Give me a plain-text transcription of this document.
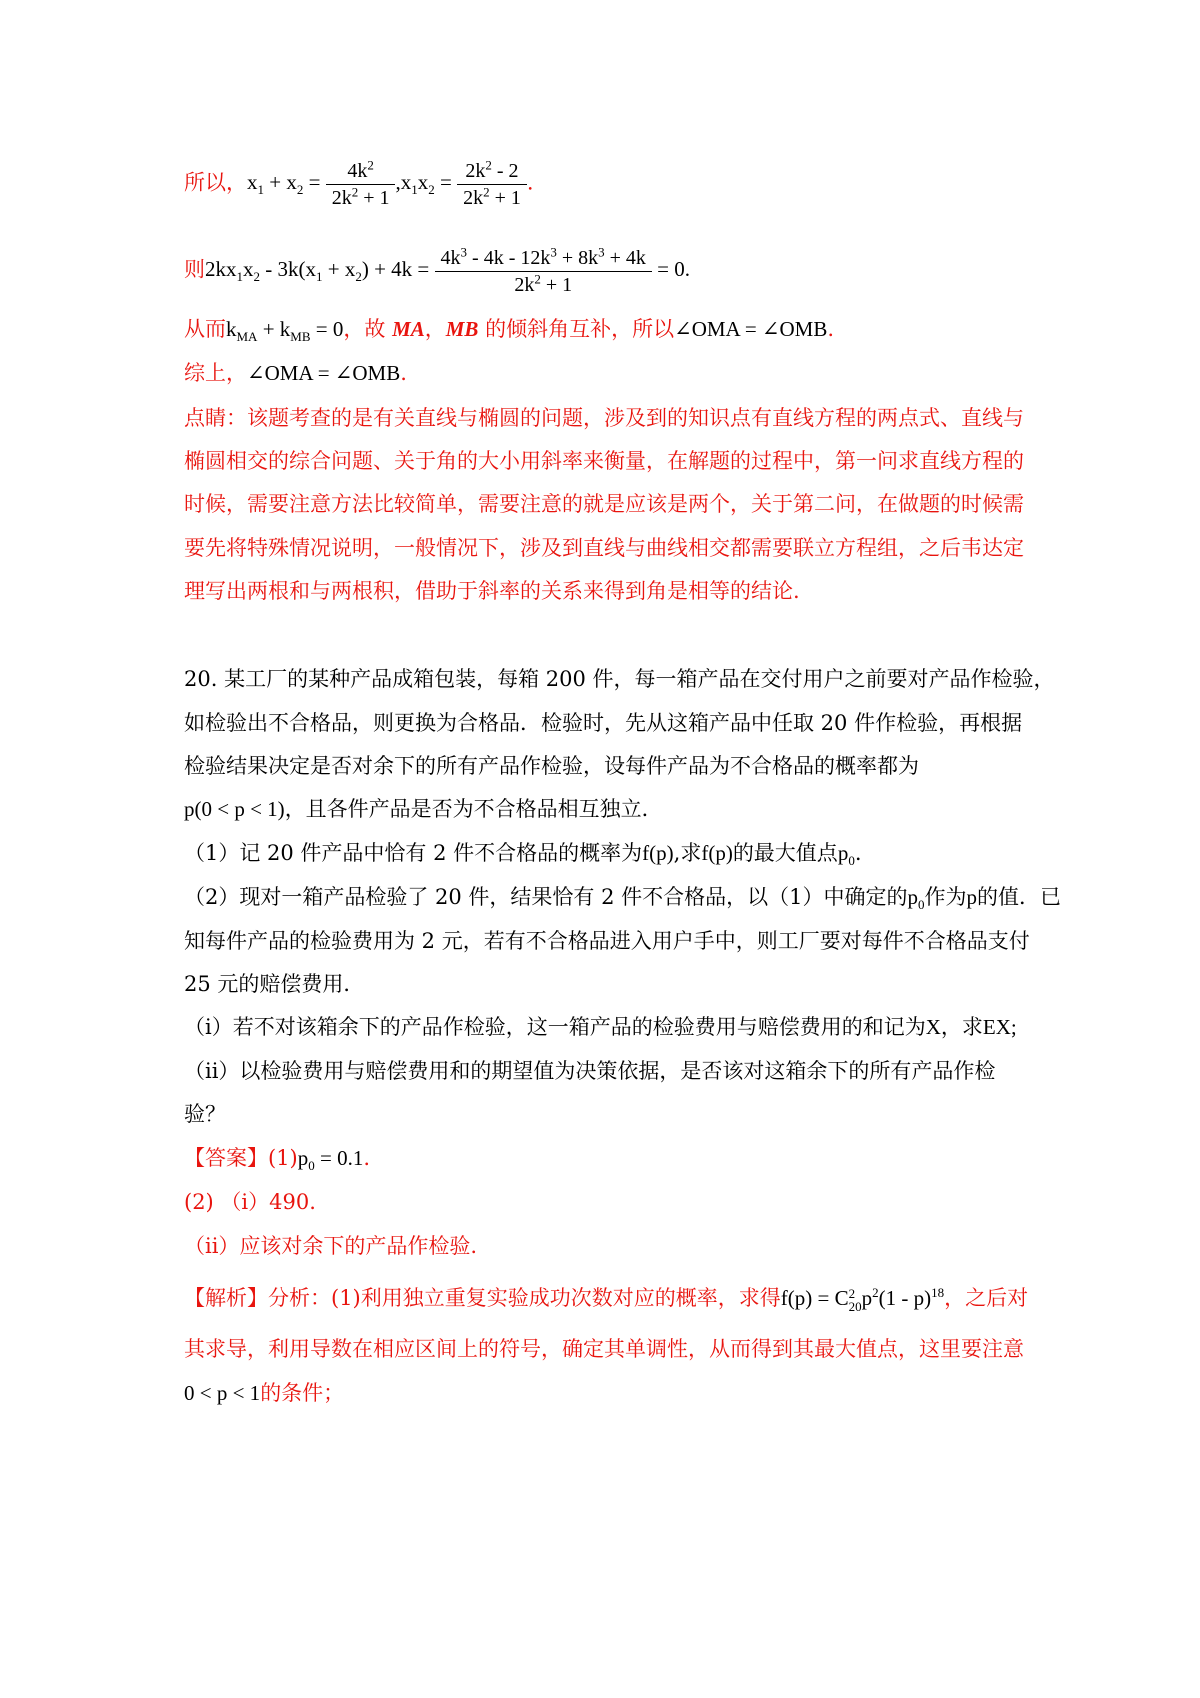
所以，$x_1 + x_2 = \frac{4k^2}{2k^2 + 1} ,x_1x_2 = \frac{2k^2 - 2}{2k^2 + 1}$ .
则$2kx_1x_2 - 3k(x_1 + x_2) + 4k = \frac{4k^3 - 4k - 12k^3 + 8k^3 + 4k}{2k^2 + 1} = 0$.
从而$k_{MA} + k_{MB} = 0$，故 MA，MB 的倾斜角互补，所以∠OMA = ∠OMB.
综上，∠OMA = ∠OMB.
点睛：该题考查的是有关直线与椭圆的问题，涉及到的知识点有直线方程的两点式、直线与
椭圆相交的综合问题、关于角的大小用斜率来衡量，在解题的过程中，第一问求直线方程的
时候，需要注意方法比较简单，需要注意的就是应该是两个，关于第二问，在做题的时候需
要先将特殊情况说明，一般情况下，涉及到直线与曲线相交都需要联立方程组，之后韦达定
理写出两根和与两根积，借助于斜率的关系来得到角是相等的结论.
20. 某工厂的某种产品成箱包装，每箱 200 件，每一箱产品在交付用户之前要对产品作检验，
如检验出不合格品，则更换为合格品．检验时，先从这箱产品中任取 20 件作检验，再根据
检验结果决定是否对余下的所有产品作检验，设每件产品为不合格品的概率都为
p(0 < p < 1)，且各件产品是否为不合格品相互独立．
（1）记 20 件产品中恰有 2 件不合格品的概率为f(p),求f(p)的最大值点$p_0$.
（2）现对一箱产品检验了 20 件，结果恰有 2 件不合格品，以（1）中确定的$p_0$作为p的值．已
知每件产品的检验费用为 2 元，若有不合格品进入用户手中，则工厂要对每件不合格品支付
25 元的赔偿费用．
（i）若不对该箱余下的产品作检验，这一箱产品的检验费用与赔偿费用的和记为X，求EX;
（ii）以检验费用与赔偿费用和的期望值为决策依据，是否该对这箱余下的所有产品作检
验？
【答案】$(1)p_0 = 0.1$.
(2) （i）490.
（ii）应该对余下的产品作检验.
【解析】分析：(1)利用独立重复实验成功次数对应的概率，求得f(p) = C 2
20 $p^2(1 - p)^{18}$，之后对
其求导，利用导数在相应区间上的符号，确定其单调性，从而得到其最大值点，这里要注意
0 < p < 1的条件；
